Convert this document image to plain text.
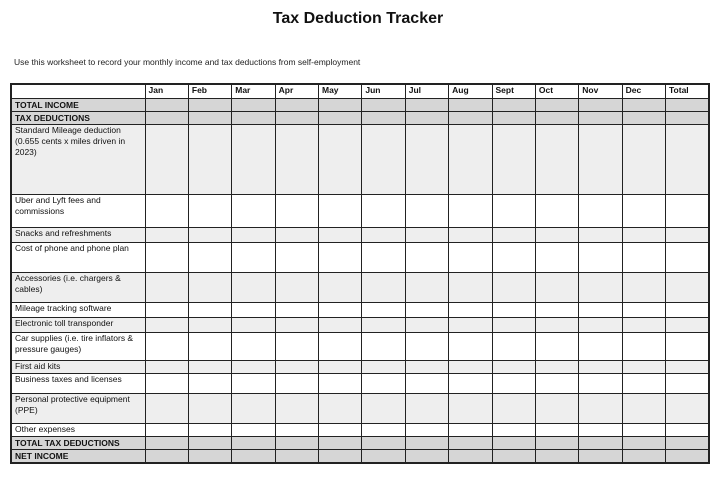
Tax Deduction Tracker
Use this worksheet to record your monthly income and tax deductions from self-employment
	Jan	Feb	Mar	Apr	May	Jun	Jul	Aug	Sept	Oct	Nov	Dec	Total
TOTAL INCOME													
TAX DEDUCTIONS													
Standard Mileage deduction (0.655 cents x miles driven in 2023)													
Uber and Lyft fees and commissions													
Snacks and refreshments													
Cost of phone and phone plan													
Accessories (i.e. chargers & cables)													
Mileage tracking software													
Electronic toll transponder													
Car supplies (i.e. tire inflators & pressure gauges)													
First aid kits													
Business taxes and licenses													
Personal protective equipment (PPE)													
Other expenses													
TOTAL TAX DEDUCTIONS													
NET INCOME													
